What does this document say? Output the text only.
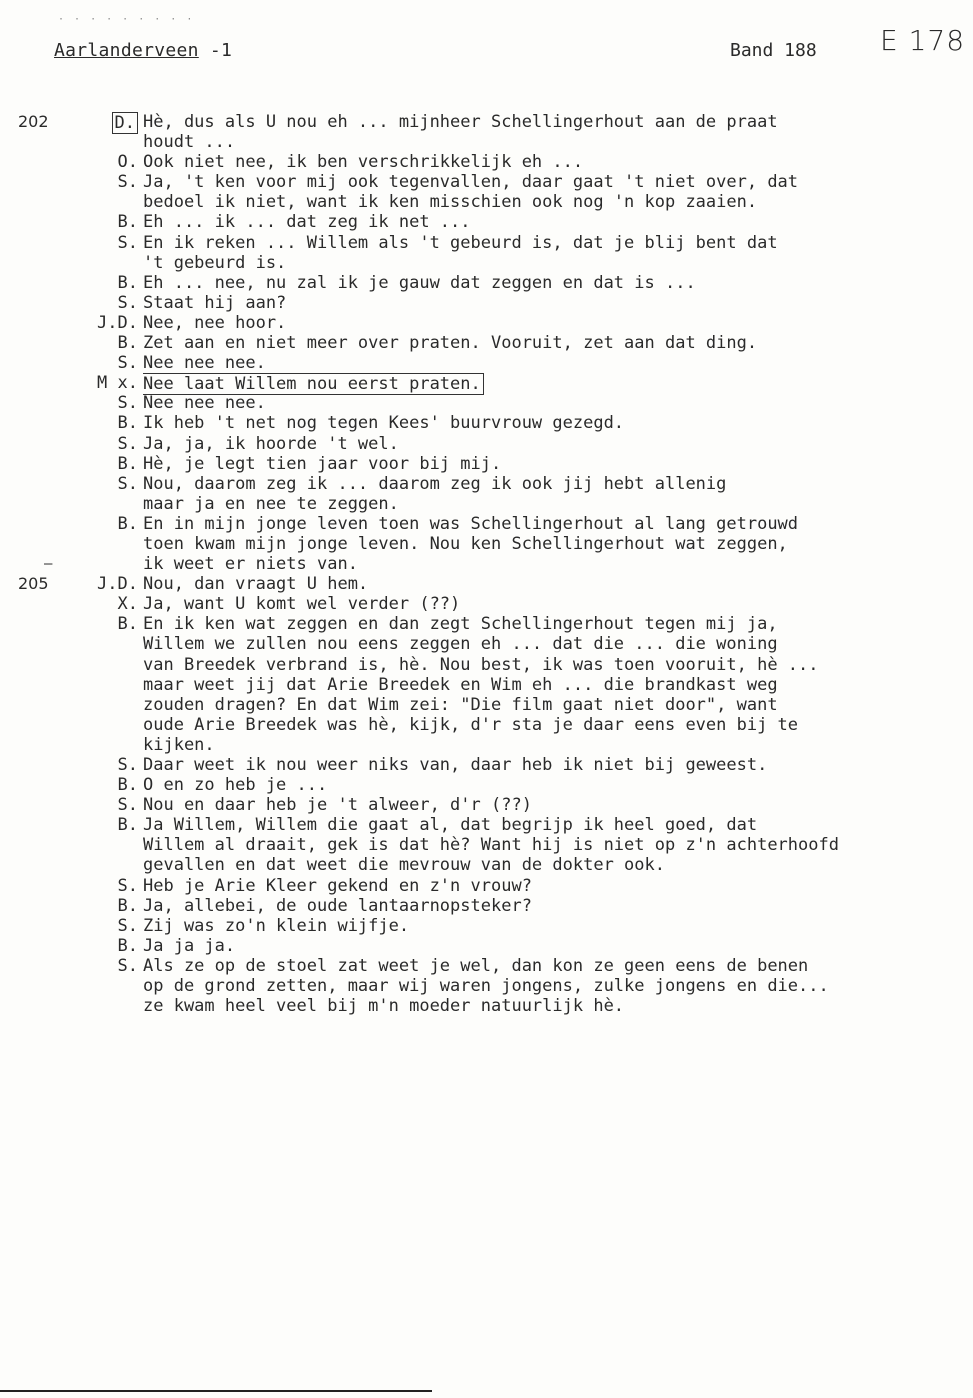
· · · · · · · · ·
Aarlanderveen -1	Band 188 E 178
202	D. Hè, dus als U nou eh ... mijnheer Schellingerhout aan de praat
houdt ...
O. Ook niet nee, ik ben verschrikkelijk eh ...
S. Ja, 't ken voor mij ook tegenvallen, daar gaat 't niet over, dat
bedoel ik niet, want ik ken misschien ook nog 'n kop zaaien.
B. Eh ... ik ... dat zeg ik net ...
S. En ik reken ... Willem als 't gebeurd is, dat je blij bent dat
't gebeurd is.
B. Eh ... nee, nu zal ik je gauw dat zeggen en dat is ...
S. Staat hij aan?
J.D. Nee, nee hoor.
B. Zet aan en niet meer over praten. Vooruit, zet aan dat ding.
S. Nee nee nee.
M x. Nee laat Willem nou eerst praten.
S. Nee nee nee.
B. Ik heb 't net nog tegen Kees' buurvrouw gezegd.
S. Ja, ja, ik hoorde 't wel.
B. Hè, je legt tien jaar voor bij mij.
S. Nou, daarom zeg ik ... daarom zeg ik ook jij hebt allenig
maar ja en nee te zeggen.
B. En in mijn jonge leven toen was Schellingerhout al lang getrouwd
toen kwam mijn jonge leven. Nou ken Schellingerhout wat zeggen,
—	ik weet er niets van.
205	J.D. Nou, dan vraagt U hem.
X. Ja, want U komt wel verder (??)
B. En ik ken wat zeggen en dan zegt Schellingerhout tegen mij ja,
Willem we zullen nou eens zeggen eh ... dat die ... die woning
van Breedek verbrand is, hè. Nou best, ik was toen vooruit, hè ...
maar weet jij dat Arie Breedek en Wim eh ... die brandkast weg
zouden dragen? En dat Wim zei: "Die film gaat niet door", want
oude Arie Breedek was hè, kijk, d'r sta je daar eens even bij te
kijken.
S. Daar weet ik nou weer niks van, daar heb ik niet bij geweest.
B. O en zo heb je ...
S. Nou en daar heb je 't alweer, d'r (??)
B. Ja Willem, Willem die gaat al, dat begrijp ik heel goed, dat
Willem al draait, gek is dat hè? Want hij is niet op z'n achterhoofd
gevallen en dat weet die mevrouw van de dokter ook.
S. Heb je Arie Kleer gekend en z'n vrouw?
B. Ja, allebei, de oude lantaarnopsteker?
S. Zij was zo'n klein wijfje.
B. Ja ja ja.
S. Als ze op de stoel zat weet je wel, dan kon ze geen eens de benen
op de grond zetten, maar wij waren jongens, zulke jongens en die...
ze kwam heel veel bij m'n moeder natuurlijk hè.
